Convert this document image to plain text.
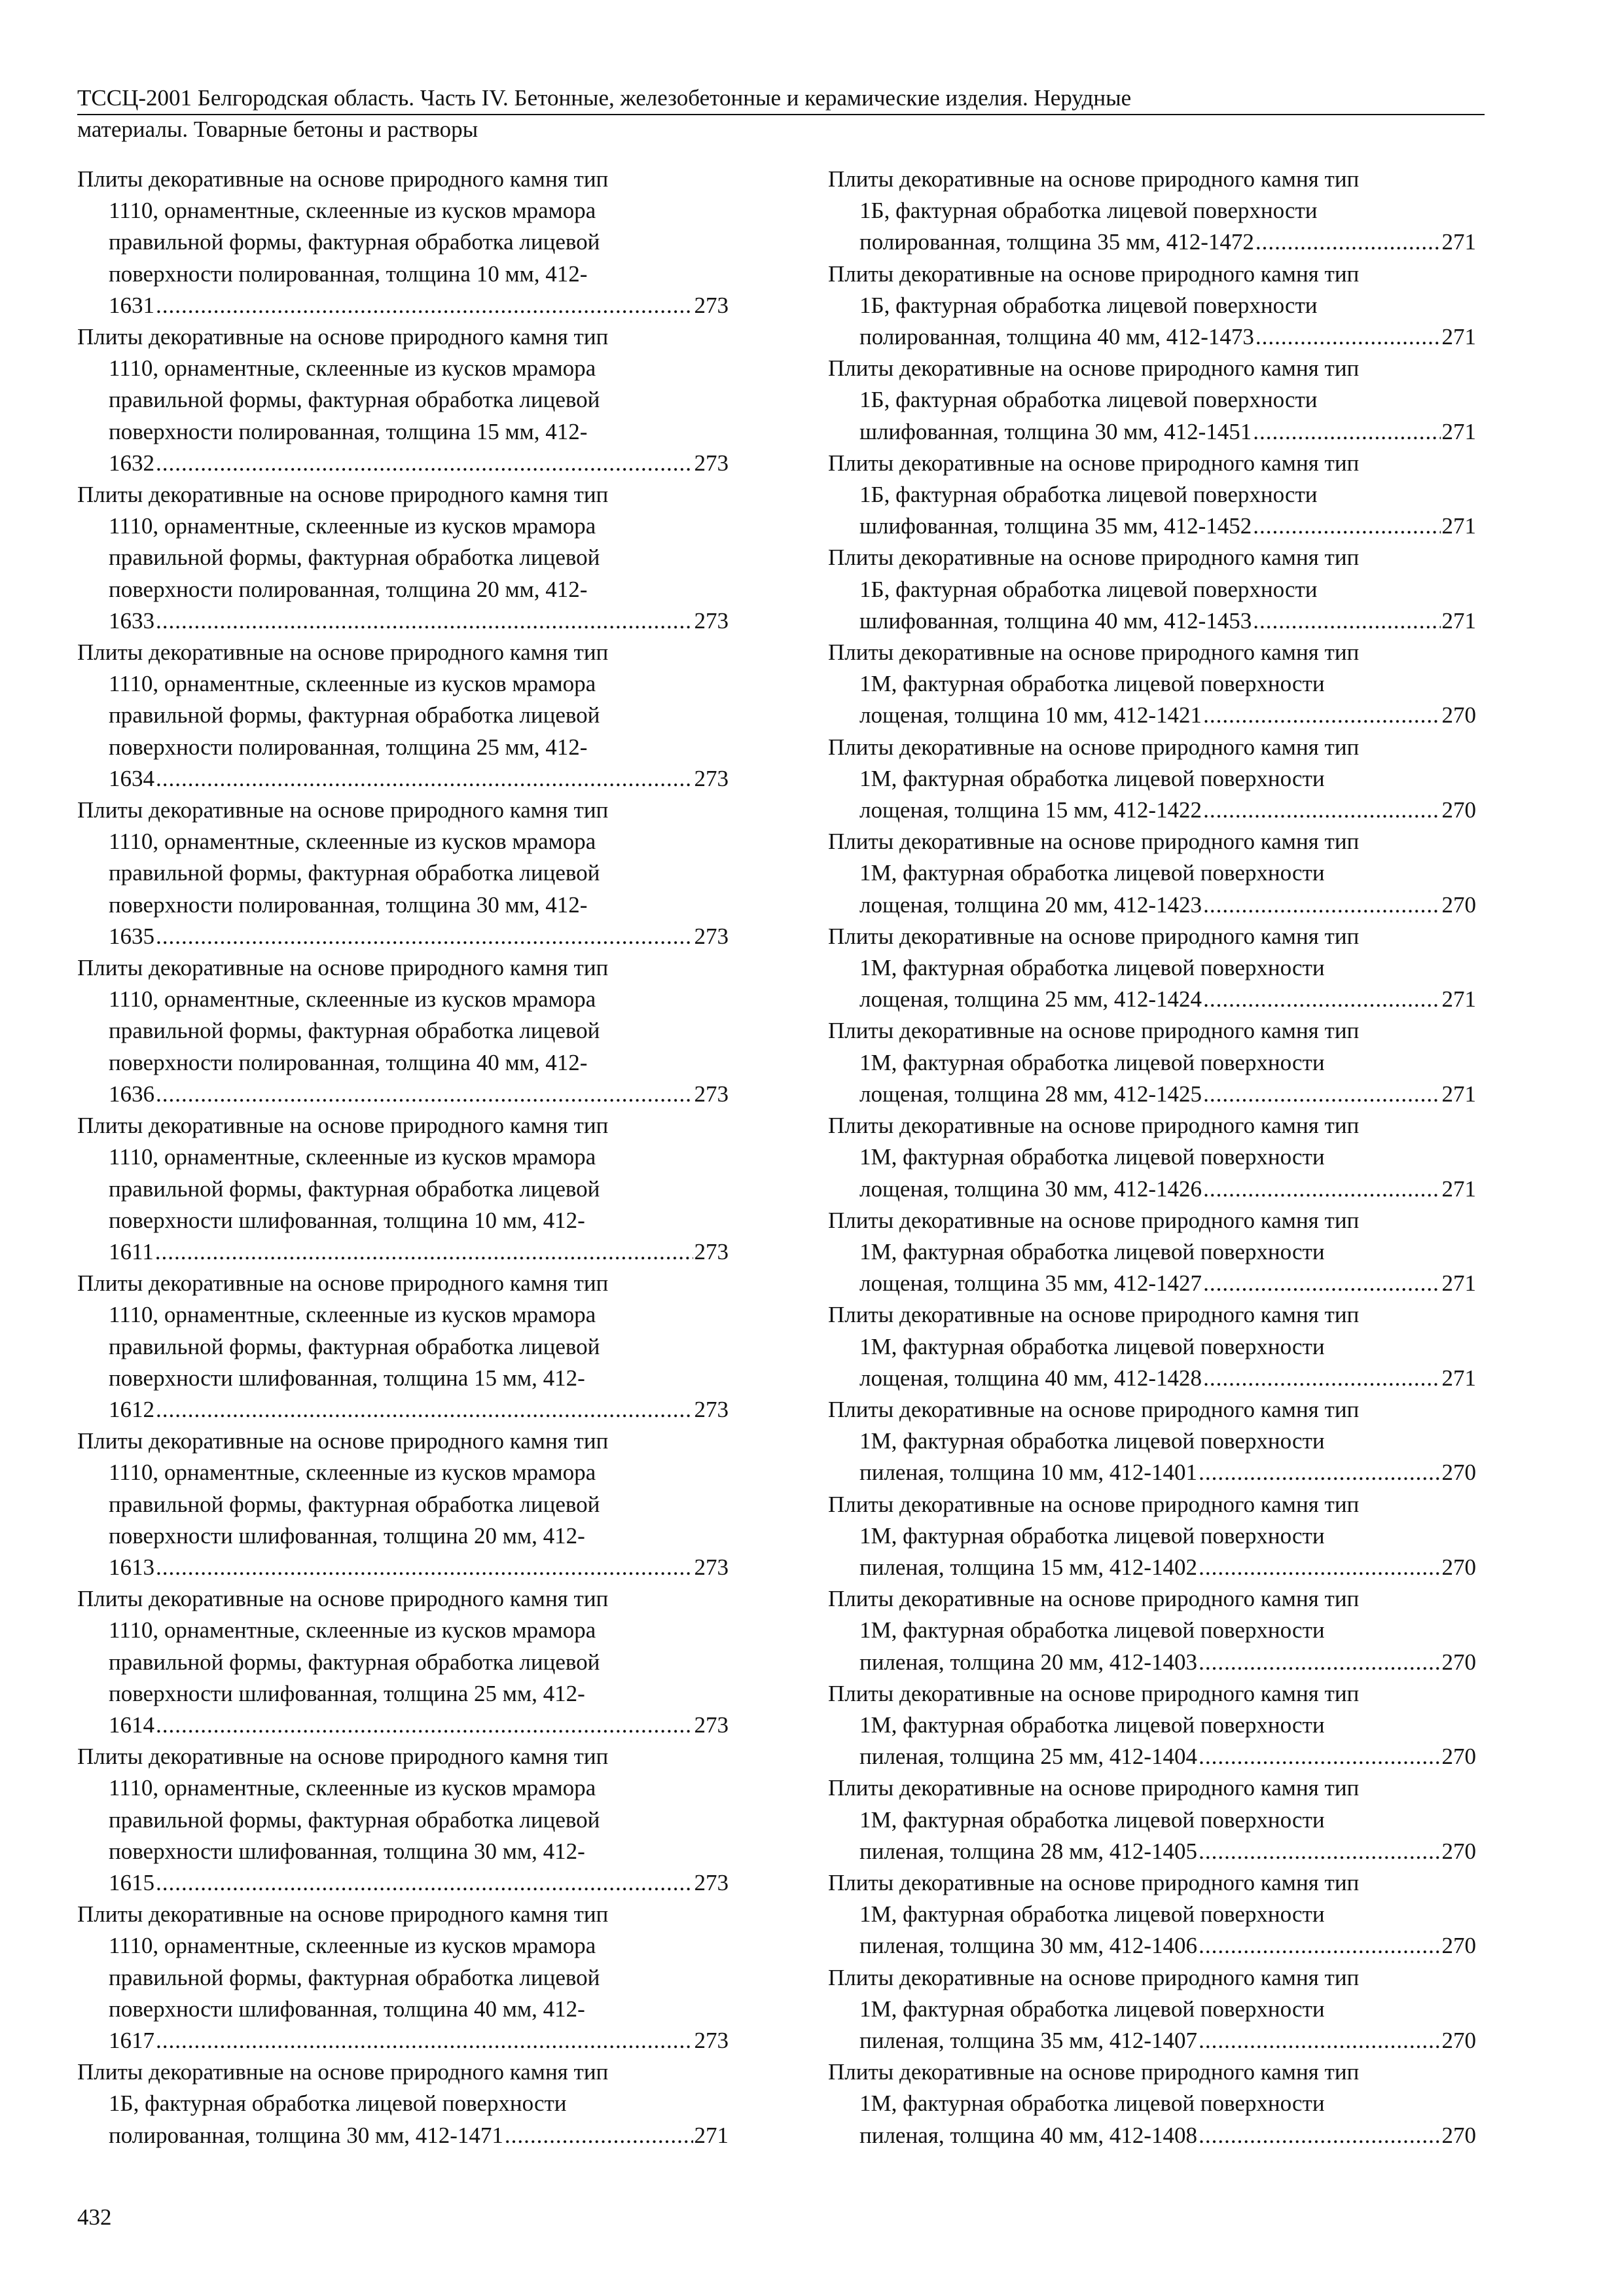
ТССЦ-2001 Белгородская область. Часть IV. Бетонные, железобетонные и керамические изделия. Нерудные
материалы. Товарные бетоны и растворы
Плиты декоративные на основе природного камня тип
1110, орнаментные, склеенные из кусков мрамора
правильной формы, фактурная обработка лицевой
поверхности полированная, толщина 10 мм, 412-
1631 .....	273
Плиты декоративные на основе природного камня тип
1110, орнаментные, склеенные из кусков мрамора
правильной формы, фактурная обработка лицевой
поверхности полированная, толщина 15 мм, 412-
1632 .....	273
Плиты декоративные на основе природного камня тип
1110, орнаментные, склеенные из кусков мрамора
правильной формы, фактурная обработка лицевой
поверхности полированная, толщина 20 мм, 412-
1633 .....	273
Плиты декоративные на основе природного камня тип
1110, орнаментные, склеенные из кусков мрамора
правильной формы, фактурная обработка лицевой
поверхности полированная, толщина 25 мм, 412-
1634 .....	273
Плиты декоративные на основе природного камня тип
1110, орнаментные, склеенные из кусков мрамора
правильной формы, фактурная обработка лицевой
поверхности полированная, толщина 30 мм, 412-
1635 .....	273
Плиты декоративные на основе природного камня тип
1110, орнаментные, склеенные из кусков мрамора
правильной формы, фактурная обработка лицевой
поверхности полированная, толщина 40 мм, 412-
1636 .....	273
Плиты декоративные на основе природного камня тип
1110, орнаментные, склеенные из кусков мрамора
правильной формы, фактурная обработка лицевой
поверхности шлифованная, толщина 10 мм, 412-
1611 .....	273
Плиты декоративные на основе природного камня тип
1110, орнаментные, склеенные из кусков мрамора
правильной формы, фактурная обработка лицевой
поверхности шлифованная, толщина 15 мм, 412-
1612 .....	273
Плиты декоративные на основе природного камня тип
1110, орнаментные, склеенные из кусков мрамора
правильной формы, фактурная обработка лицевой
поверхности шлифованная, толщина 20 мм, 412-
1613 .....	273
Плиты декоративные на основе природного камня тип
1110, орнаментные, склеенные из кусков мрамора
правильной формы, фактурная обработка лицевой
поверхности шлифованная, толщина 25 мм, 412-
1614 .....	273
Плиты декоративные на основе природного камня тип
1110, орнаментные, склеенные из кусков мрамора
правильной формы, фактурная обработка лицевой
поверхности шлифованная, толщина 30 мм, 412-
1615 .....	273
Плиты декоративные на основе природного камня тип
1110, орнаментные, склеенные из кусков мрамора
правильной формы, фактурная обработка лицевой
поверхности шлифованная, толщина 40 мм, 412-
1617 .....	273
Плиты декоративные на основе природного камня тип
1Б, фактурная обработка лицевой поверхности
полированная, толщина 30 мм, 412-1471 .....	271
Плиты декоративные на основе природного камня тип
1Б, фактурная обработка лицевой поверхности
полированная, толщина 35 мм, 412-1472 .....	271
Плиты декоративные на основе природного камня тип
1Б, фактурная обработка лицевой поверхности
полированная, толщина 40 мм, 412-1473 .....	271
Плиты декоративные на основе природного камня тип
1Б, фактурная обработка лицевой поверхности
шлифованная, толщина 30 мм, 412-1451 .....	271
Плиты декоративные на основе природного камня тип
1Б, фактурная обработка лицевой поверхности
шлифованная, толщина 35 мм, 412-1452 .....	271
Плиты декоративные на основе природного камня тип
1Б, фактурная обработка лицевой поверхности
шлифованная, толщина 40 мм, 412-1453 .....	271
Плиты декоративные на основе природного камня тип
1М, фактурная обработка лицевой поверхности
лощеная, толщина 10 мм, 412-1421 .....	270
Плиты декоративные на основе природного камня тип
1М, фактурная обработка лицевой поверхности
лощеная, толщина 15 мм, 412-1422 .....	270
Плиты декоративные на основе природного камня тип
1М, фактурная обработка лицевой поверхности
лощеная, толщина 20 мм, 412-1423 .....	270
Плиты декоративные на основе природного камня тип
1М, фактурная обработка лицевой поверхности
лощеная, толщина 25 мм, 412-1424 .....	271
Плиты декоративные на основе природного камня тип
1М, фактурная обработка лицевой поверхности
лощеная, толщина 28 мм, 412-1425 .....	271
Плиты декоративные на основе природного камня тип
1М, фактурная обработка лицевой поверхности
лощеная, толщина 30 мм, 412-1426 .....	271
Плиты декоративные на основе природного камня тип
1М, фактурная обработка лицевой поверхности
лощеная, толщина 35 мм, 412-1427 .....	271
Плиты декоративные на основе природного камня тип
1М, фактурная обработка лицевой поверхности
лощеная, толщина 40 мм, 412-1428 .....	271
Плиты декоративные на основе природного камня тип
1М, фактурная обработка лицевой поверхности
пиленая, толщина 10 мм, 412-1401 .....	270
Плиты декоративные на основе природного камня тип
1М, фактурная обработка лицевой поверхности
пиленая, толщина 15 мм, 412-1402 .....	270
Плиты декоративные на основе природного камня тип
1М, фактурная обработка лицевой поверхности
пиленая, толщина 20 мм, 412-1403 .....	270
Плиты декоративные на основе природного камня тип
1М, фактурная обработка лицевой поверхности
пиленая, толщина 25 мм, 412-1404 .....	270
Плиты декоративные на основе природного камня тип
1М, фактурная обработка лицевой поверхности
пиленая, толщина 28 мм, 412-1405 .....	270
Плиты декоративные на основе природного камня тип
1М, фактурная обработка лицевой поверхности
пиленая, толщина 30 мм, 412-1406 .....	270
Плиты декоративные на основе природного камня тип
1М, фактурная обработка лицевой поверхности
пиленая, толщина 35 мм, 412-1407 .....	270
Плиты декоративные на основе природного камня тип
1М, фактурная обработка лицевой поверхности
пиленая, толщина 40 мм, 412-1408 .....	270
432
